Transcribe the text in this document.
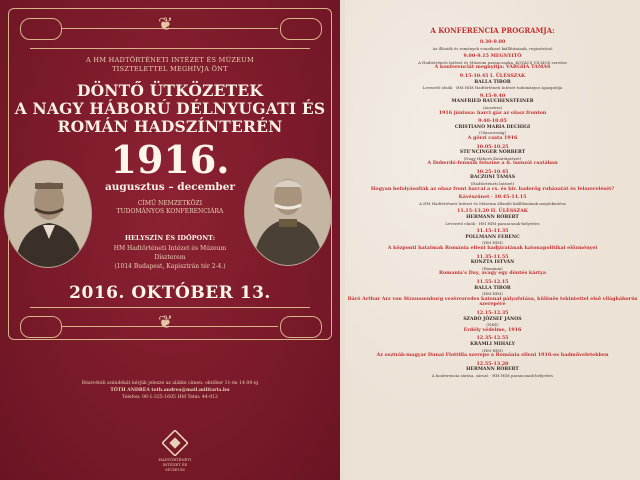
❦
A HM HADTÖRTÉNETI INTÉZET ÉS MÚZEUM
TISZTELETTEL MEGHÍVJA ÖNT
DÖNTŐ ÜTKÖZETEK
A NAGY HÁBORÚ DÉLNYUGATI ÉS
ROMÁN HADSZÍNTERÉN
1916.
augusztus – december
CÍMŰ NEMZETKÖZI
TUDOMÁNYOS KONFERENCIÁRA
HELYSZÍN ÉS IDŐPONT:
HM Hadtörténeti Intézet és Múzeum
Díszterem
(1014 Budapest, Kapisztrán tér 2-4.)
2016. OKTÓBER 13.
❦
Részvételi szándékát kérjük jelezze az alábbi címen: október 11-én 14.00-ig
TÓTH ANDREA toth.andrea@mail.militaria.hu
Telefon: 06-1-325-1605 HM Telm: 44-012
HADTÖRTÉNETI
INTÉZET ÉS
MÚZEUM
A KONFERENCIA PROGRAMJA:
8.30-9.00
Az illúziók és remények vonatkozó kiállításának, regisztráció
9.00-9.15 MEGNYITÓ
A Hadtörténeti Intézet és Múzeum parancsnoka, KOVÁCS VILMOS ezredes
A konferenciát megnyitja: VARGHA TAMÁS
9.15-10.45 I. ÜLÉSSZAK
BALLA TIBOR
Levezető elnök · HM HIM Hadtörténeti Intézet tudományos igazgatója
9.15-9.40
MANFRIED RAUCHENSTEINER
(Ausztria)
1916 júniusa: harci gáz az olasz fronton
9.40-10.05
CRISTIANO MARIA DECHIGI
(Olaszország)
A görzi csata 1916
10.05-10.25
STE'NCINGER NORBERT
(Nagy Háború Kutatóintézet)
A Doberdó-fennsík felszíne a 6. isonzói csatában
10.25-10.45
BACZONI TAMÁS
(Hadtörténeti Intézet)
Hogyan befolyásolták az olasz front harcai a cs. és kir. haderőg ruházatát és felszerelését?
Kávészünet · 10.45-11.15
A HM Hadtörténeti Intézet és Múzeum állandó kiállításának megtekintése
11.15-13.20 II. ÜLÉSSZAK
HERMANN RÓBERT
Levezető elnök · HM HIM parancsnok-helyettes
11.15-11.35
POLLMANN FERENC
(HM HIM)
A központi hatalmak Románia elleni hadjáratának katonapolitikai előzményei
11.35-11.55
KONZTA ISTVÁN
(Románia)
Romania's Day, avagy egy döntés kártya
11.55-12.15
BALLA TIBOR
(HM HIM)
Báró Arthur Arz von Straussenburg vezérezredes katonai pályafutása, különös tekintettel első világháborús szerepére
12.15-12.35
SZABÓ JÓZSEF JÁNOS
(NKE)
Erdély védelme, 1916
12.35-12.55
KRÁMLI MIHÁLY
(HM HIM)
Az osztrák-magyar Dunai Flottilla szerepe a Románia elleni 1916-os hadműveletekben
12.55-13.20
HERMANN RÓBERT
A konferencia zárása, zárszó · HM HIM parancsnok-helyettes
